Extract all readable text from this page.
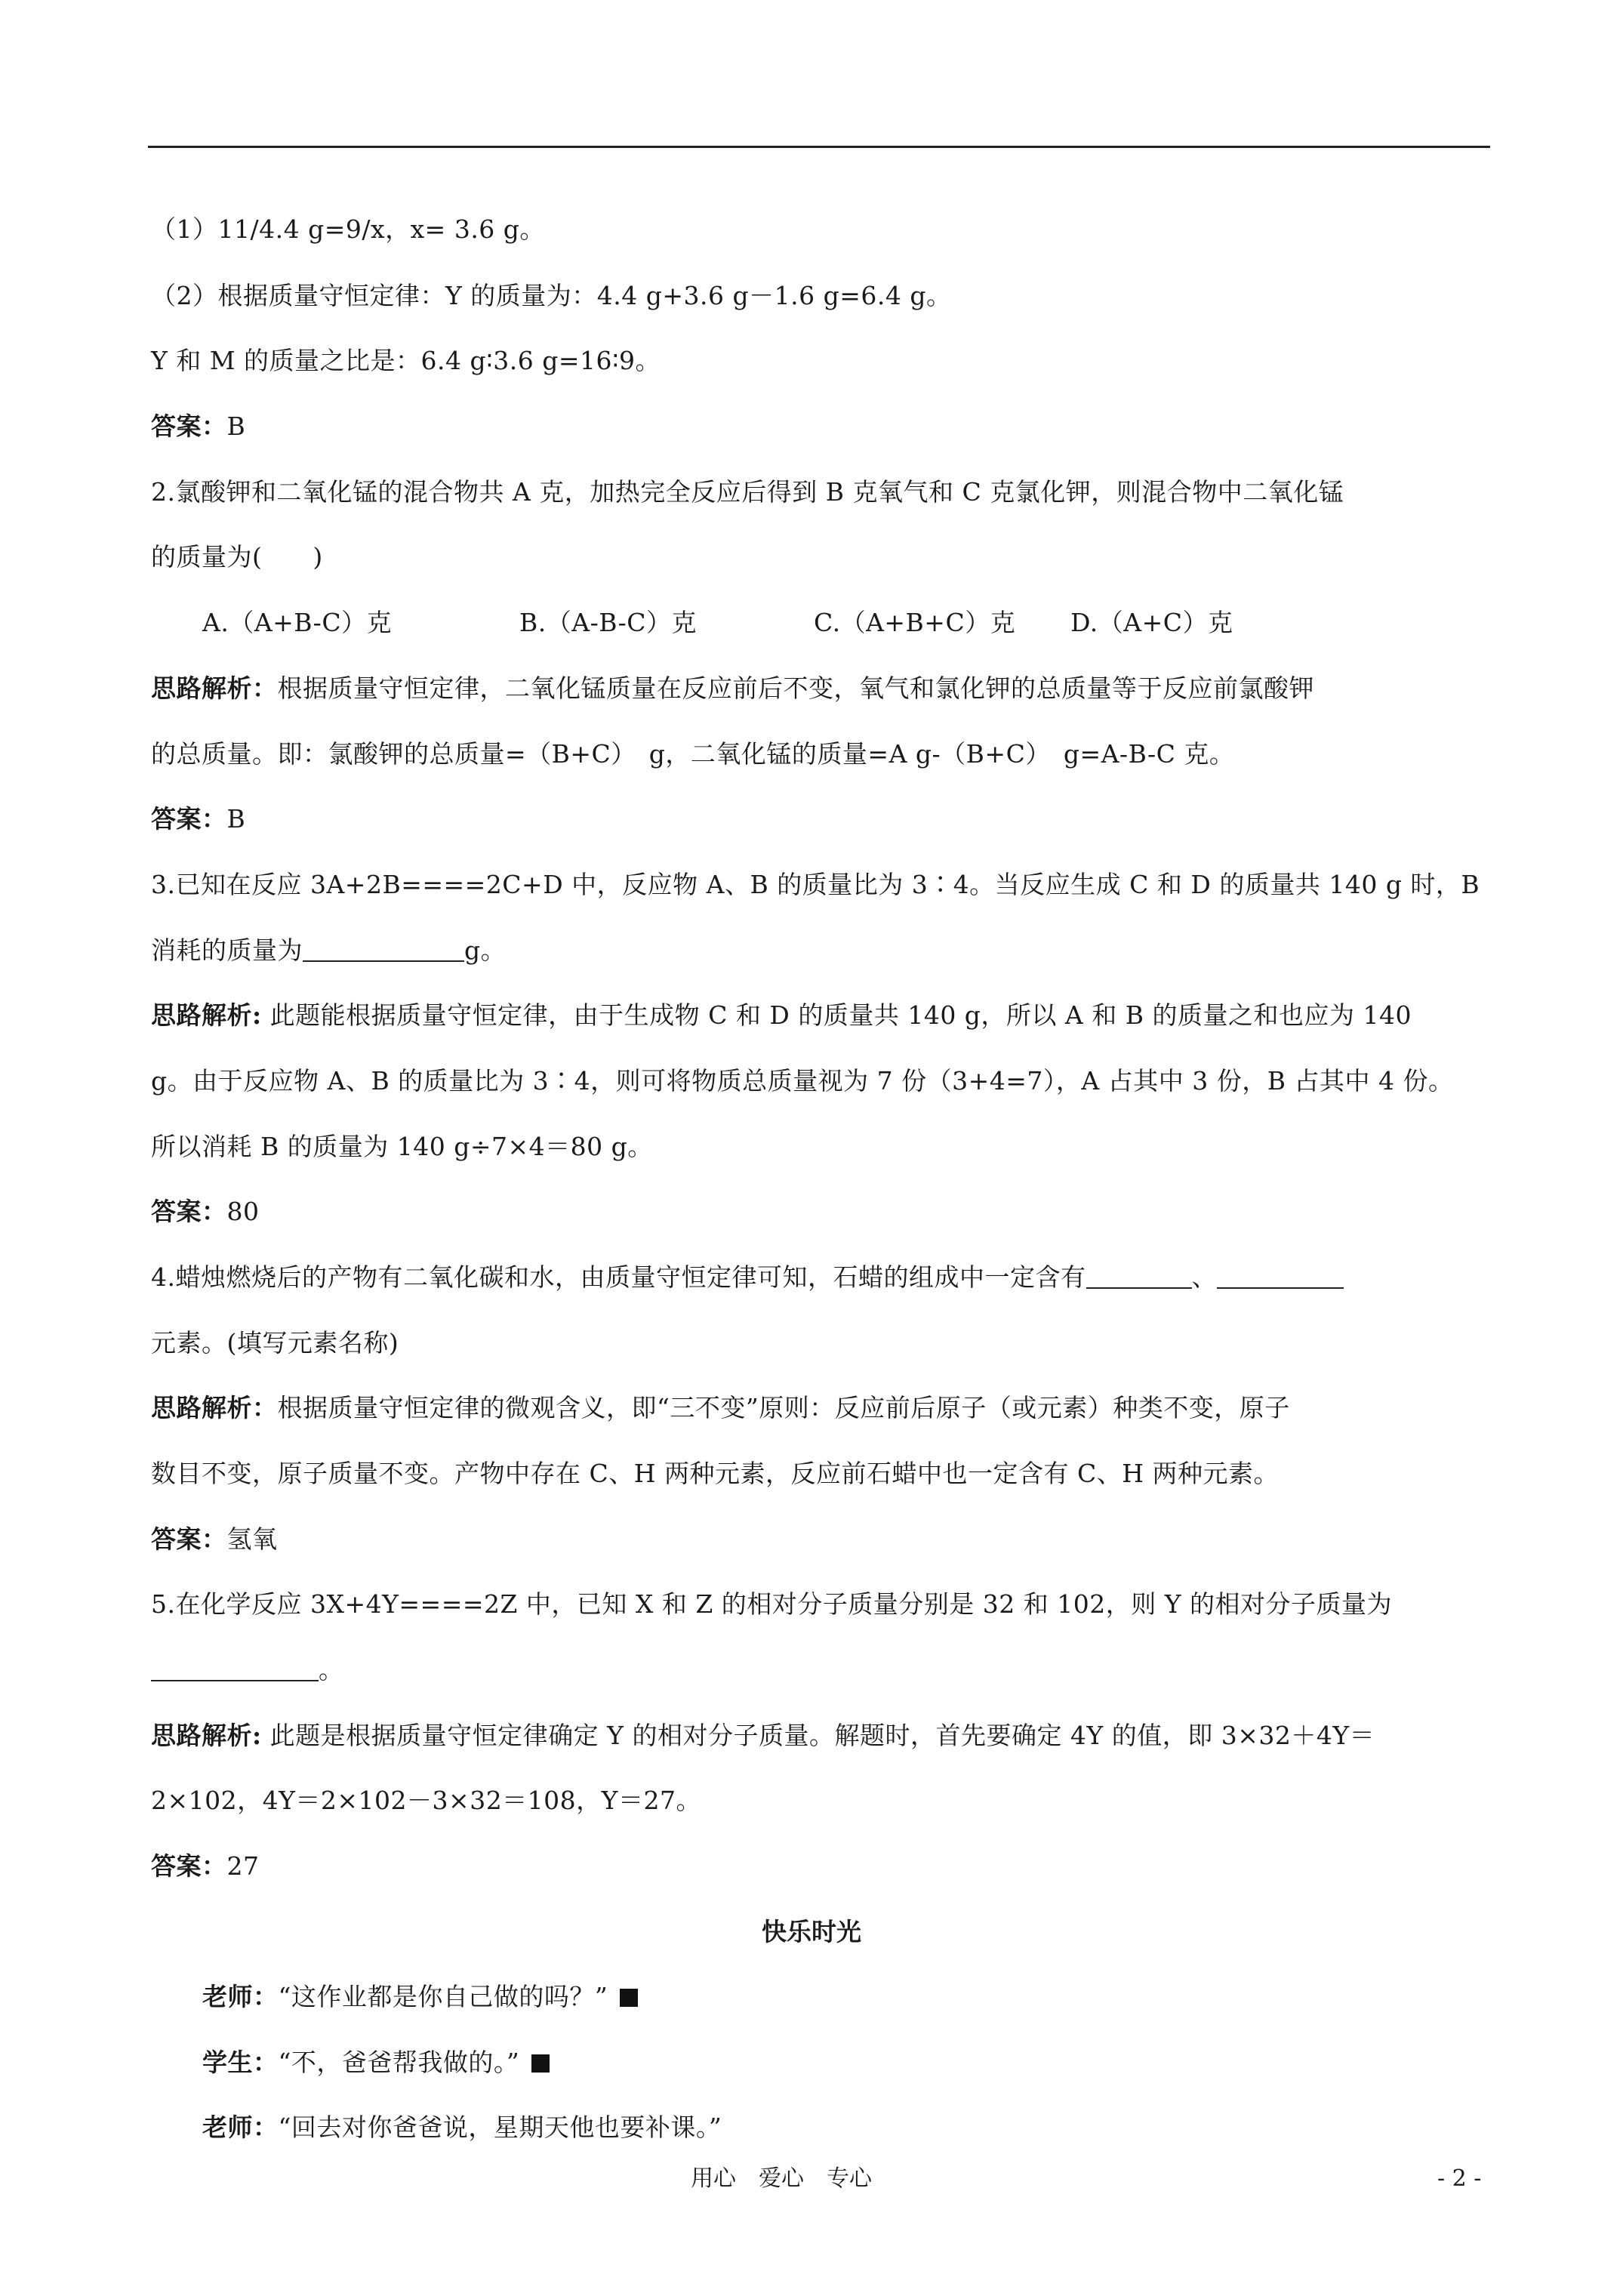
（1）11/4.4 g=9/x，x= 3.6 g。
（2）根据质量守恒定律：Y 的质量为：4.4 g+3.6 g－1.6 g=6.4 g。
Y 和 M 的质量之比是：6.4 g∶3.6 g=16∶9。
答案：B
2.氯酸钾和二氧化锰的混合物共 A 克，加热完全反应后得到 B 克氧气和 C 克氯化钾，则混合物中二氧化锰
的质量为(　　)
A.（A+B-C）克	B.（A-B-C）克	C.（A+B+C）克 D.（A+C）克
思路解析：根据质量守恒定律，二氧化锰质量在反应前后不变，氧气和氯化钾的总质量等于反应前氯酸钾
的总质量。即：氯酸钾的总质量=（B+C）　g，二氧化锰的质量=A g-（B+C）　g=A-B-C 克。
答案：B
3.已知在反应 3A+2B====2C+D 中，反应物 A、B 的质量比为 3∶4。当反应生成 C 和 D 的质量共 140 g 时，B
消耗的质量为	g。
思路解析: 此题能根据质量守恒定律，由于生成物 C 和 D 的质量共 140 g，所以 A 和 B 的质量之和也应为 140
g。由于反应物 A、B 的质量比为 3∶4，则可将物质总质量视为 7 份（3+4=7），A 占其中 3 份，B 占其中 4 份。
所以消耗 B 的质量为 140 g÷7×4＝80 g。
答案：80
4.蜡烛燃烧后的产物有二氧化碳和水，由质量守恒定律可知，石蜡的组成中一定含有	、
元素。(填写元素名称)
思路解析：根据质量守恒定律的微观含义，即“三不变”原则：反应前后原子（或元素）种类不变，原子
数目不变，原子质量不变。产物中存在 C、H 两种元素，反应前石蜡中也一定含有 C、H 两种元素。
答案：氢氧
5.在化学反应 3X+4Y====2Z 中，已知 X 和 Z 的相对分子质量分别是 32 和 102，则 Y 的相对分子质量为
。
思路解析: 此题是根据质量守恒定律确定 Y 的相对分子质量。解题时，首先要确定 4Y 的值，即 3×32＋4Y＝
2×102，4Y＝2×102－3×32＝108，Y＝27。
答案：27
快乐时光
老师：“这作业都是你自己做的吗？”
学生：“不，爸爸帮我做的。”
老师：“回去对你爸爸说，星期天他也要补课。”
用心　爱心　专心	- 2 -
